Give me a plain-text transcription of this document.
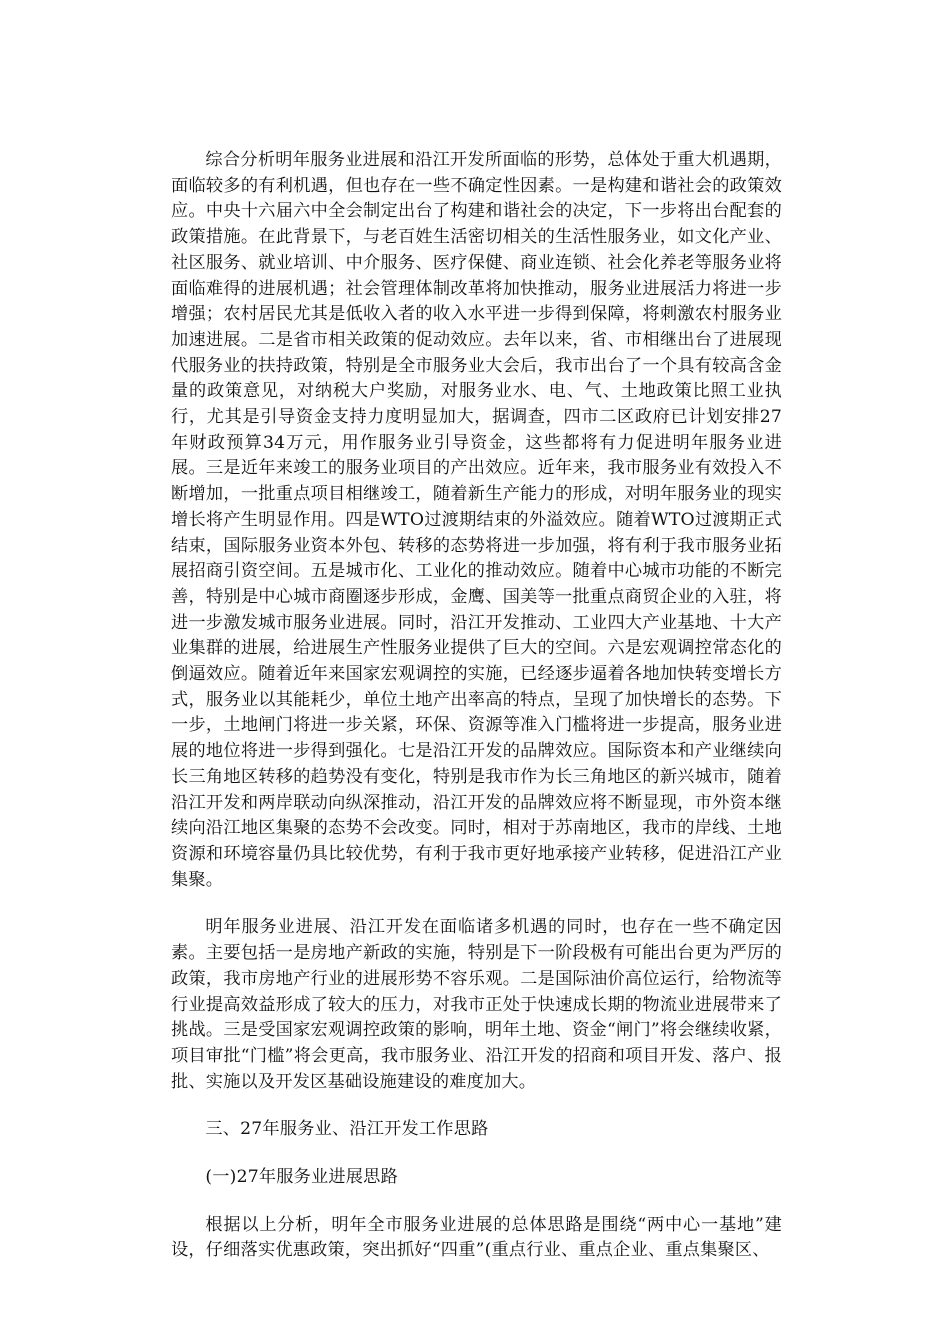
综合分析明年服务业进展和沿江开发所面临的形势，总体处于重大机遇期，面临较多的有利机遇，但也存在一些不确定性因素。一是构建和谐社会的政策效应。中央十六届六中全会制定出台了构建和谐社会的决定，下一步将出台配套的政策措施。在此背景下，与老百姓生活密切相关的生活性服务业，如文化产业、社区服务、就业培训、中介服务、医疗保健、商业连锁、社会化养老等服务业将面临难得的进展机遇；社会管理体制改革将加快推动，服务业进展活力将进一步增强；农村居民尤其是低收入者的收入水平进一步得到保障，将刺激农村服务业加速进展。二是省市相关政策的促动效应。去年以来，省、市相继出台了进展现代服务业的扶持政策，特别是全市服务业大会后，我市出台了一个具有较高含金量的政策意见，对纳税大户奖励，对服务业水、电、气、土地政策比照工业执行，尤其是引导资金支持力度明显加大，据调查，四市二区政府已计划安排27年财政预算34万元，用作服务业引导资金，这些都将有力促进明年服务业进展。三是近年来竣工的服务业项目的产出效应。近年来，我市服务业有效投入不断增加，一批重点项目相继竣工，随着新生产能力的形成，对明年服务业的现实增长将产生明显作用。四是WTO过渡期结束的外溢效应。随着WTO过渡期正式结束，国际服务业资本外包、转移的态势将进一步加强，将有利于我市服务业拓展招商引资空间。五是城市化、工业化的推动效应。随着中心城市功能的不断完善，特别是中心城市商圈逐步形成，金鹰、国美等一批重点商贸企业的入驻，将进一步激发城市服务业进展。同时，沿江开发推动、工业四大产业基地、十大产业集群的进展，给进展生产性服务业提供了巨大的空间。六是宏观调控常态化的倒逼效应。随着近年来国家宏观调控的实施，已经逐步逼着各地加快转变增长方式，服务业以其能耗少，单位土地产出率高的特点，呈现了加快增长的态势。下一步，土地闸门将进一步关紧，环保、资源等准入门槛将进一步提高，服务业进展的地位将进一步得到强化。七是沿江开发的品牌效应。国际资本和产业继续向长三角地区转移的趋势没有变化，特别是我市作为长三角地区的新兴城市，随着沿江开发和两岸联动向纵深推动，沿江开发的品牌效应将不断显现，市外资本继续向沿江地区集聚的态势不会改变。同时，相对于苏南地区，我市的岸线、土地资源和环境容量仍具比较优势，有利于我市更好地承接产业转移，促进沿江产业集聚。

明年服务业进展、沿江开发在面临诸多机遇的同时，也存在一些不确定因素。主要包括一是房地产新政的实施，特别是下一阶段极有可能出台更为严厉的政策，我市房地产行业的进展形势不容乐观。二是国际油价高位运行，给物流等行业提高效益形成了较大的压力，对我市正处于快速成长期的物流业进展带来了挑战。三是受国家宏观调控政策的影响，明年土地、资金“闸门”将会继续收紧，项目审批“门槛”将会更高，我市服务业、沿江开发的招商和项目开发、落户、报批、实施以及开发区基础设施建设的难度加大。

三、27年服务业、沿江开发工作思路

(一)27年服务业进展思路

根据以上分析，明年全市服务业进展的总体思路是围绕“两中心一基地”建设，仔细落实优惠政策，突出抓好“四重”(重点行业、重点企业、重点集聚区、
